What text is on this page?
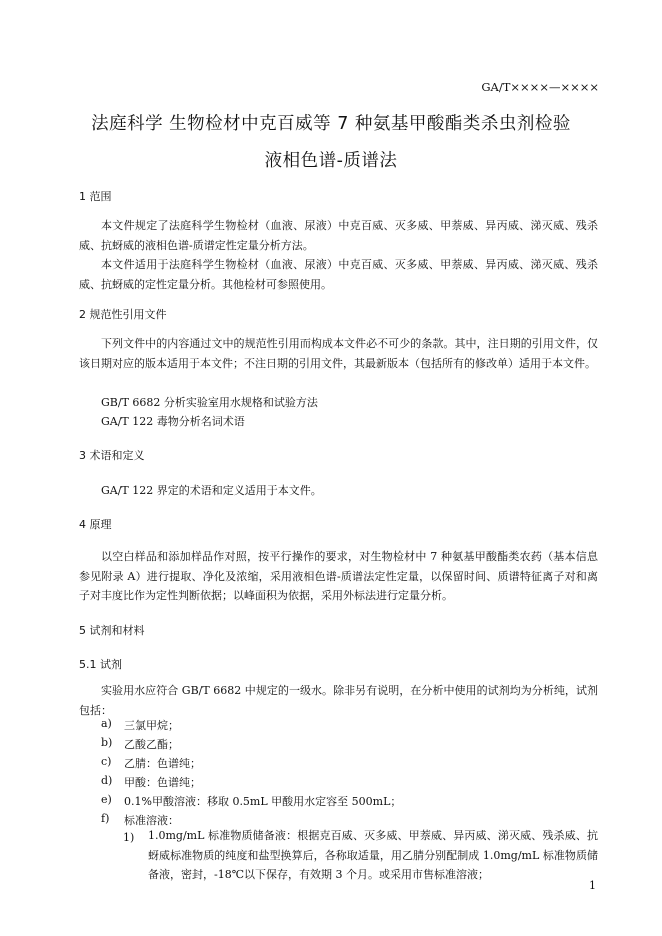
GA/T××××—××××
法庭科学 生物检材中克百威等 7 种氨基甲酸酯类杀虫剂检验
液相色谱-质谱法
1 范围

本文件规定了法庭科学生物检材（血液、尿液）中克百威、灭多威、甲萘威、异丙威、涕灭威、残杀威、抗蚜威的液相色谱-质谱定性定量分析方法。

本文件适用于法庭科学生物检材（血液、尿液）中克百威、灭多威、甲萘威、异丙威、涕灭威、残杀威、抗蚜威的定性定量分析。其他检材可参照使用。

2 规范性引用文件

下列文件中的内容通过文中的规范性引用而构成本文件必不可少的条款。其中，注日期的引用文件，仅该日期对应的版本适用于本文件；不注日期的引用文件，其最新版本（包括所有的修改单）适用于本文件。

GB/T 6682 分析实验室用水规格和试验方法
GA/T 122 毒物分析名词术语
3 术语和定义

GA/T 122 界定的术语和定义适用于本文件。

4 原理

以空白样品和添加样品作对照，按平行操作的要求，对生物检材中 7 种氨基甲酸酯类农药（基本信息参见附录 A）进行提取、净化及浓缩，采用液相色谱-质谱法定性定量，以保留时间、质谱特征离子对和离子对丰度比作为定性判断依据；以峰面积为依据，采用外标法进行定量分析。

5 试剂和材料
5.1 试剂

实验用水应符合 GB/T 6682 中规定的一级水。除非另有说明，在分析中使用的试剂均为分析纯，试剂包括：

a) 三氯甲烷；
b) 乙酸乙酯；
c) 乙腈：色谱纯；
d) 甲酸：色谱纯；
e) 0.1%甲酸溶液：移取 0.5mL 甲酸用水定容至 500mL；
f) 标准溶液：
1) 1.0mg/mL 标准物质储备液：根据克百威、灭多威、甲萘威、异丙威、涕灭威、残杀威、抗蚜威标准物质的纯度和盐型换算后，各称取适量，用乙腈分别配制成 1.0mg/mL 标准物质储备液，密封，-18℃以下保存，有效期 3 个月。或采用市售标准溶液；

1
